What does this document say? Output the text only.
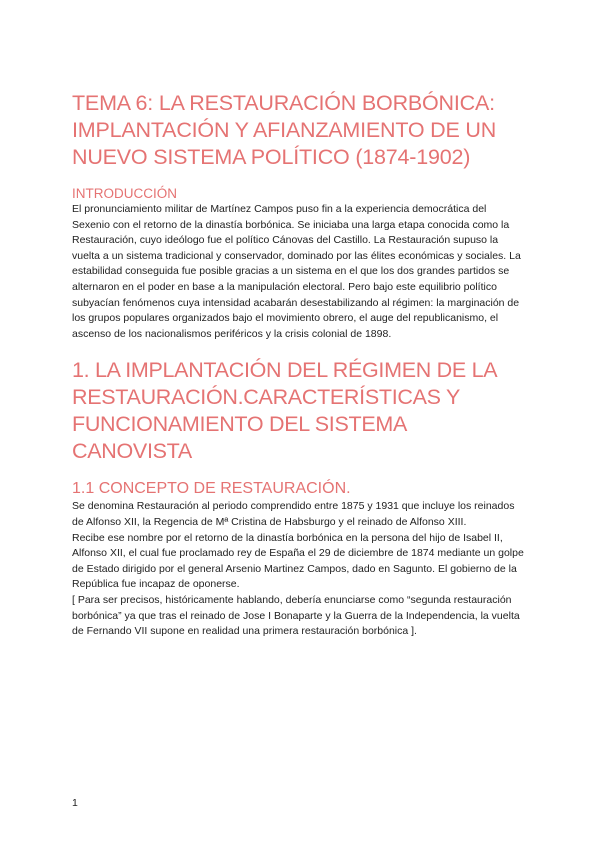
TEMA 6: LA RESTAURACIÓN BORBÓNICA: IMPLANTACIÓN Y AFIANZAMIENTO DE UN NUEVO SISTEMA POLÍTICO (1874-1902)
INTRODUCCIÓN

El pronunciamiento militar de Martínez Campos puso fin a la experiencia democrática del Sexenio con el retorno de la dinastía borbónica. Se iniciaba una larga etapa conocida como la Restauración, cuyo ideólogo fue el político Cánovas del Castillo. La Restauración supuso la vuelta a un sistema tradicional y conservador, dominado por las élites económicas y sociales. La estabilidad conseguida fue posible gracias a un sistema en el que los dos grandes partidos se alternaron en el poder en base a la manipulación electoral. Pero bajo este equilibrio político subyacían fenómenos cuya intensidad acabarán desestabilizando al régimen: la marginación de los grupos populares organizados bajo el movimiento obrero, el auge del republicanismo, el ascenso de los nacionalismos periféricos y la crisis colonial de 1898.

1. LA IMPLANTACIÓN DEL RÉGIMEN DE LA RESTAURACIÓN.CARACTERÍSTICAS Y FUNCIONAMIENTO DEL SISTEMA CANOVISTA
1.1 CONCEPTO DE RESTAURACIÓN.

Se denomina Restauración al periodo comprendido entre 1875 y 1931 que incluye los reinados de Alfonso XII, la Regencia de Mª Cristina de Habsburgo y el reinado de Alfonso XIII.

Recibe ese nombre por el retorno de la dinastía borbónica en la persona del hijo de Isabel II, Alfonso XII, el cual fue proclamado rey de España el 29 de diciembre de 1874 mediante un golpe de Estado dirigido por el general Arsenio Martinez Campos, dado en Sagunto. El gobierno de la República fue incapaz de oponerse.

[ Para ser precisos, históricamente hablando, debería enunciarse como “segunda restauración borbónica” ya que tras el reinado de Jose I Bonaparte y la Guerra de la Independencia, la vuelta de Fernando VII supone en realidad una primera restauración borbónica ].

1
